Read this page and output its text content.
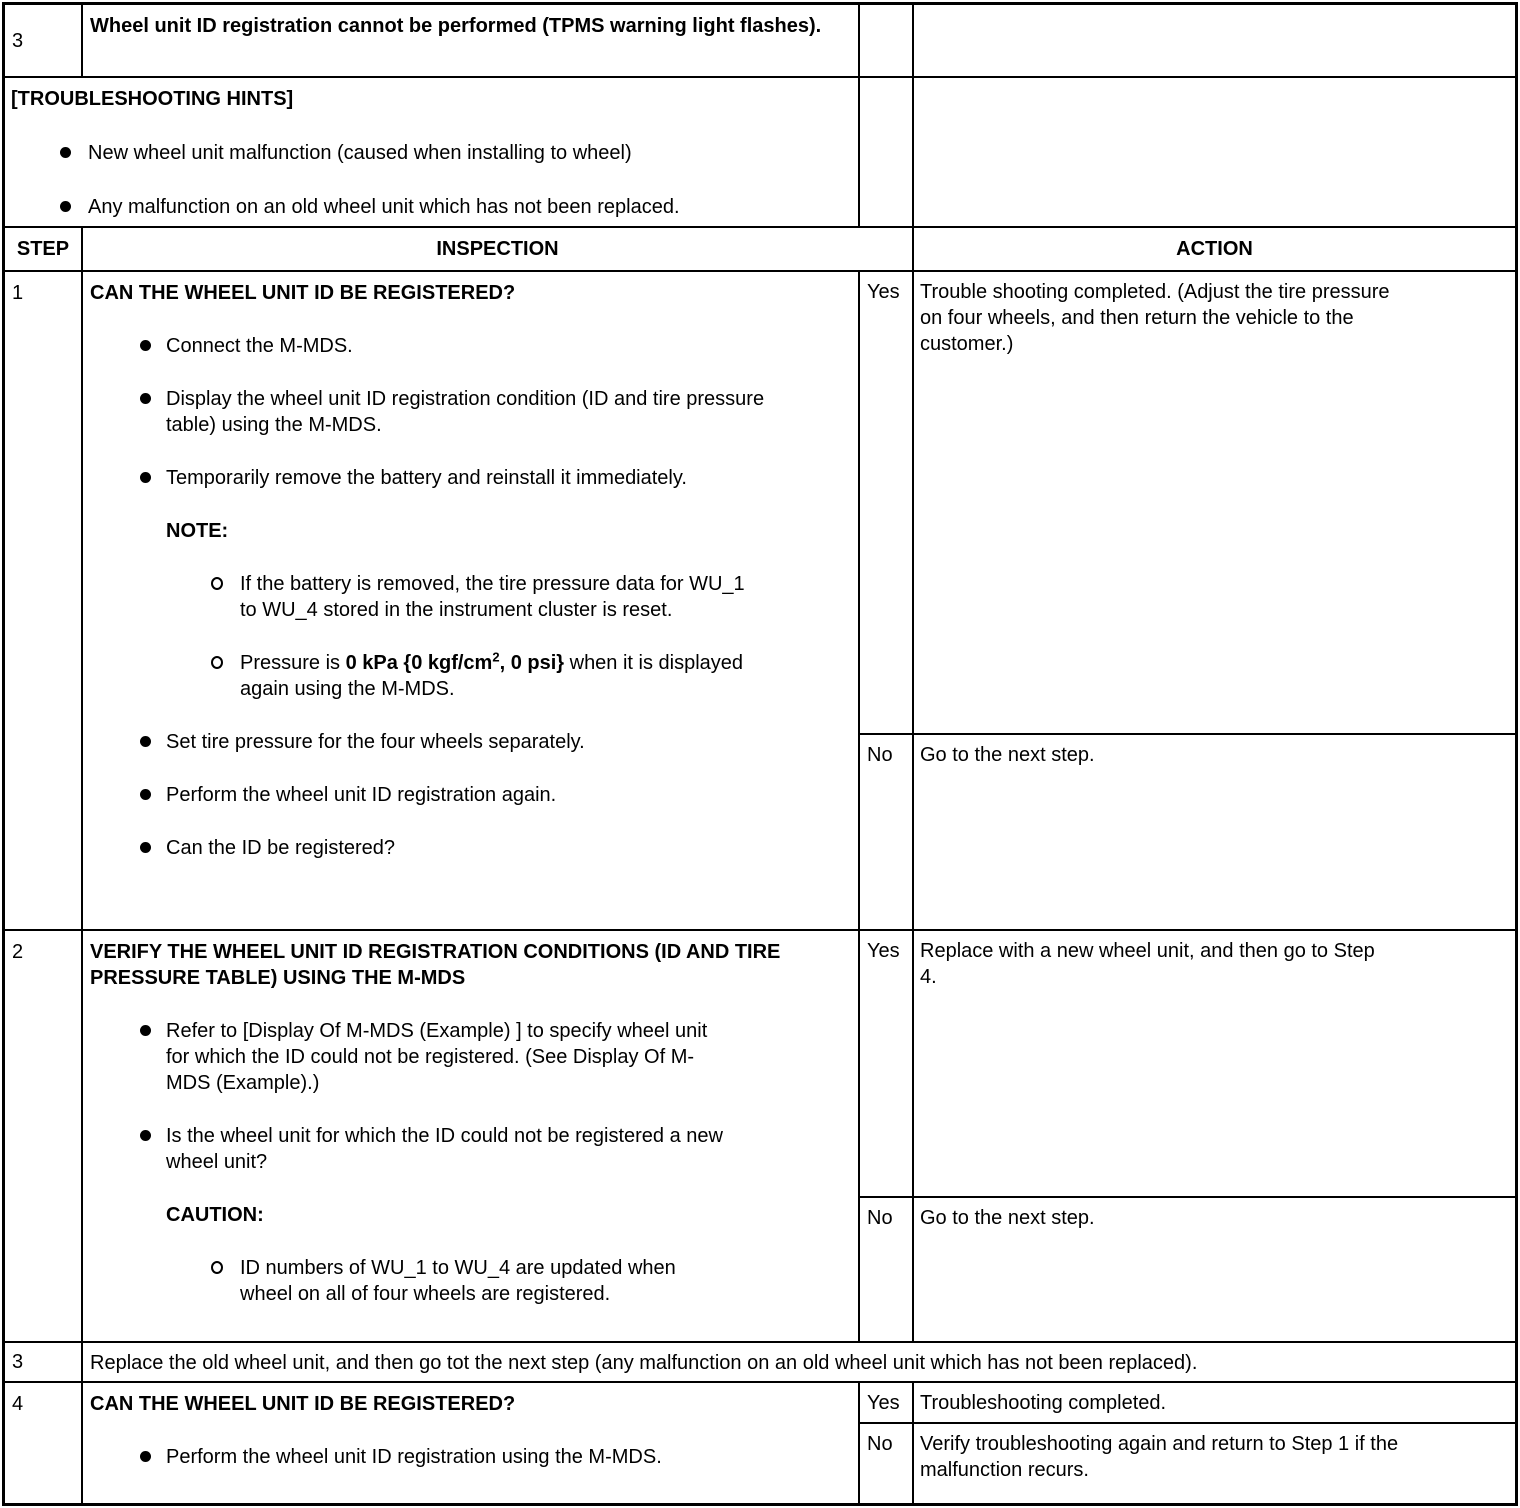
3
Wheel unit ID registration cannot be performed (TPMS warning light flashes).
[TROUBLESHOOTING HINTS]
New wheel unit malfunction (caused when installing to wheel)
Any malfunction on an old wheel unit which has not been replaced.
STEP	INSPECTION	ACTION
1	CAN THE WHEEL UNIT ID BE REGISTERED?
Connect the M-MDS.
Display the wheel unit ID registration condition (ID and tire pressure table) using the M-MDS.
Temporarily remove the battery and reinstall it immediately.
NOTE:
If the battery is removed, the tire pressure data for WU_1 to WU_4 stored in the instrument cluster is reset.
Pressure is 0 kPa {0 kgf/$cm^2$, 0 psi} when it is displayed again using the M-MDS.
Set tire pressure for the four wheels separately.
Perform the wheel unit ID registration again.
Can the ID be registered?
Yes	Trouble shooting completed. (Adjust the tire pressure on four wheels, and then return the vehicle to the customer.)
No	Go to the next step.
2	VERIFY THE WHEEL UNIT ID REGISTRATION CONDITIONS (ID AND TIRE PRESSURE TABLE) USING THE M-MDS
Refer to [Display Of M-MDS (Example) ] to specify wheel unit for which the ID could not be registered. (See Display Of M-MDS (Example).)
Is the wheel unit for which the ID could not be registered a new wheel unit?
CAUTION:
ID numbers of WU_1 to WU_4 are updated when wheel on all of four wheels are registered.
Yes	Replace with a new wheel unit, and then go to Step 4.
No	Go to the next step.
3	Replace the old wheel unit, and then go tot the next step (any malfunction on an old wheel unit which has not been replaced).
4	CAN THE WHEEL UNIT ID BE REGISTERED?
Perform the wheel unit ID registration using the M-MDS.
Yes	Troubleshooting completed.
No	Verify troubleshooting again and return to Step 1 if the malfunction recurs.
